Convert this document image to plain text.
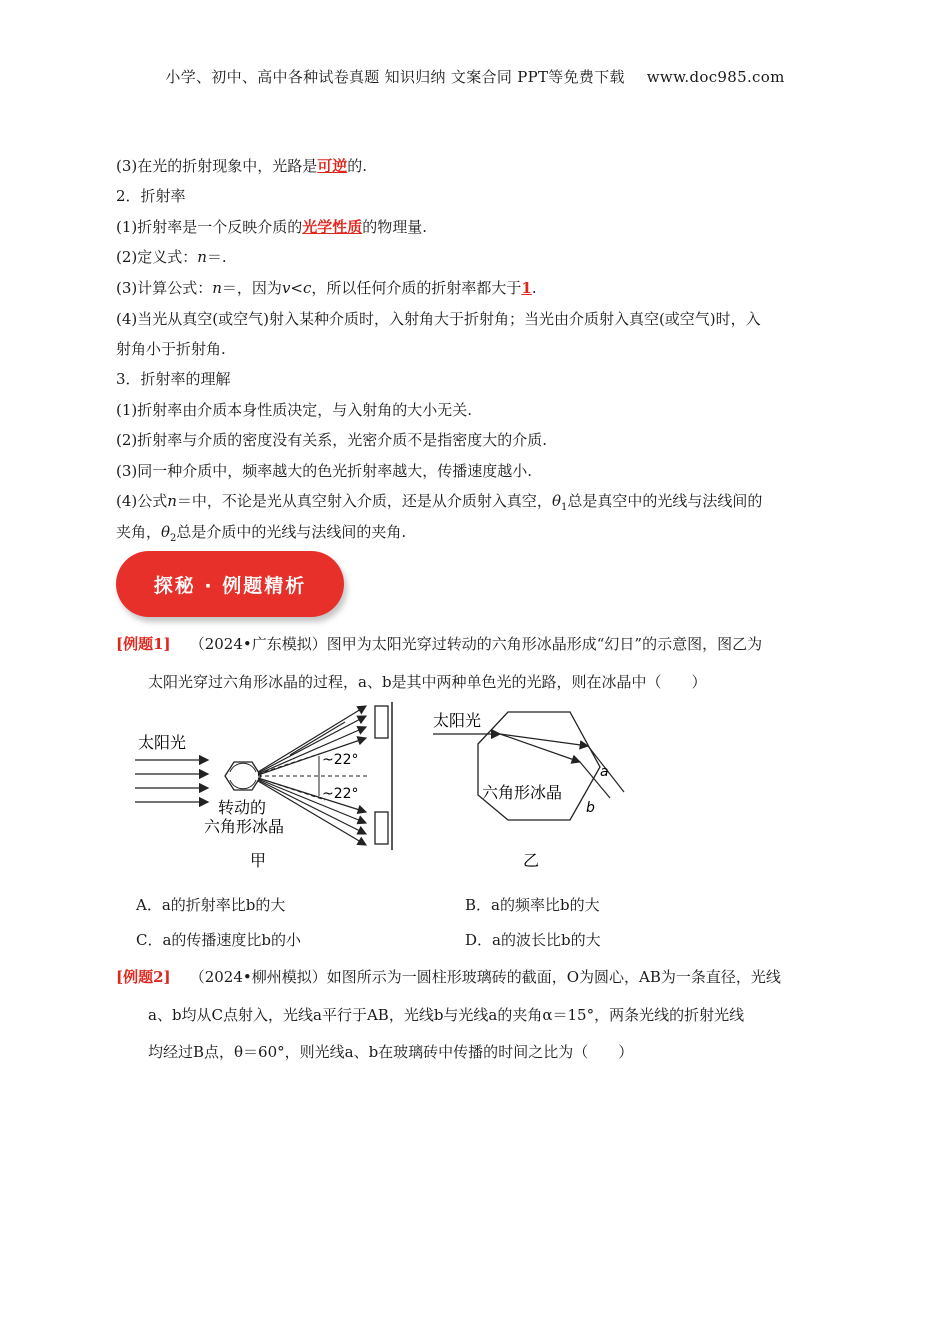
小学、初中、高中各种试卷真题 知识归纳 文案合同 PPT等免费下载 www.doc985.com
(3)在光的折射现象中，光路是可逆的.
2．折射率
(1)折射率是一个反映介质的光学性质的物理量.
(2)定义式：n＝.
(3)计算公式：n＝，因为v<c，所以任何介质的折射率都大于1.
(4)当光从真空(或空气)射入某种介质时，入射角大于折射角；当光由介质射入真空(或空气)时，入
射角小于折射角.
3．折射率的理解
(1)折射率由介质本身性质决定，与入射角的大小无关.
(2)折射率与介质的密度没有关系，光密介质不是指密度大的介质.
(3)同一种介质中，频率越大的色光折射率越大，传播速度越小.
(4)公式n＝中，不论是光从真空射入介质，还是从介质射入真空，$\theta_1$总是真空中的光线与法线间的
夹角，$\theta_2$总是介质中的光线与法线间的夹角.
探秘 · 例题精析
[例题1] （2024•广东模拟）图甲为太阳光穿过转动的六角形冰晶形成“幻日”的示意图，图乙为
太阳光穿过六角形冰晶的过程，a、b是其中两种单色光的光路，则在冰晶中（　　）
太阳光
~22°
~22°
转动的
六角形冰晶
甲
太阳光
a
b
六角形冰晶
乙
A．a的折射率比b的大	B．a的频率比b的大
C．a的传播速度比b的小	D．a的波长比b的大
[例题2] （2024•柳州模拟）如图所示为一圆柱形玻璃砖的截面，O为圆心，AB为一条直径，光线
a、b均从C点射入，光线a平行于AB，光线b与光线a的夹角α＝15°，两条光线的折射光线
均经过B点，θ＝60°，则光线a、b在玻璃砖中传播的时间之比为（　　）
